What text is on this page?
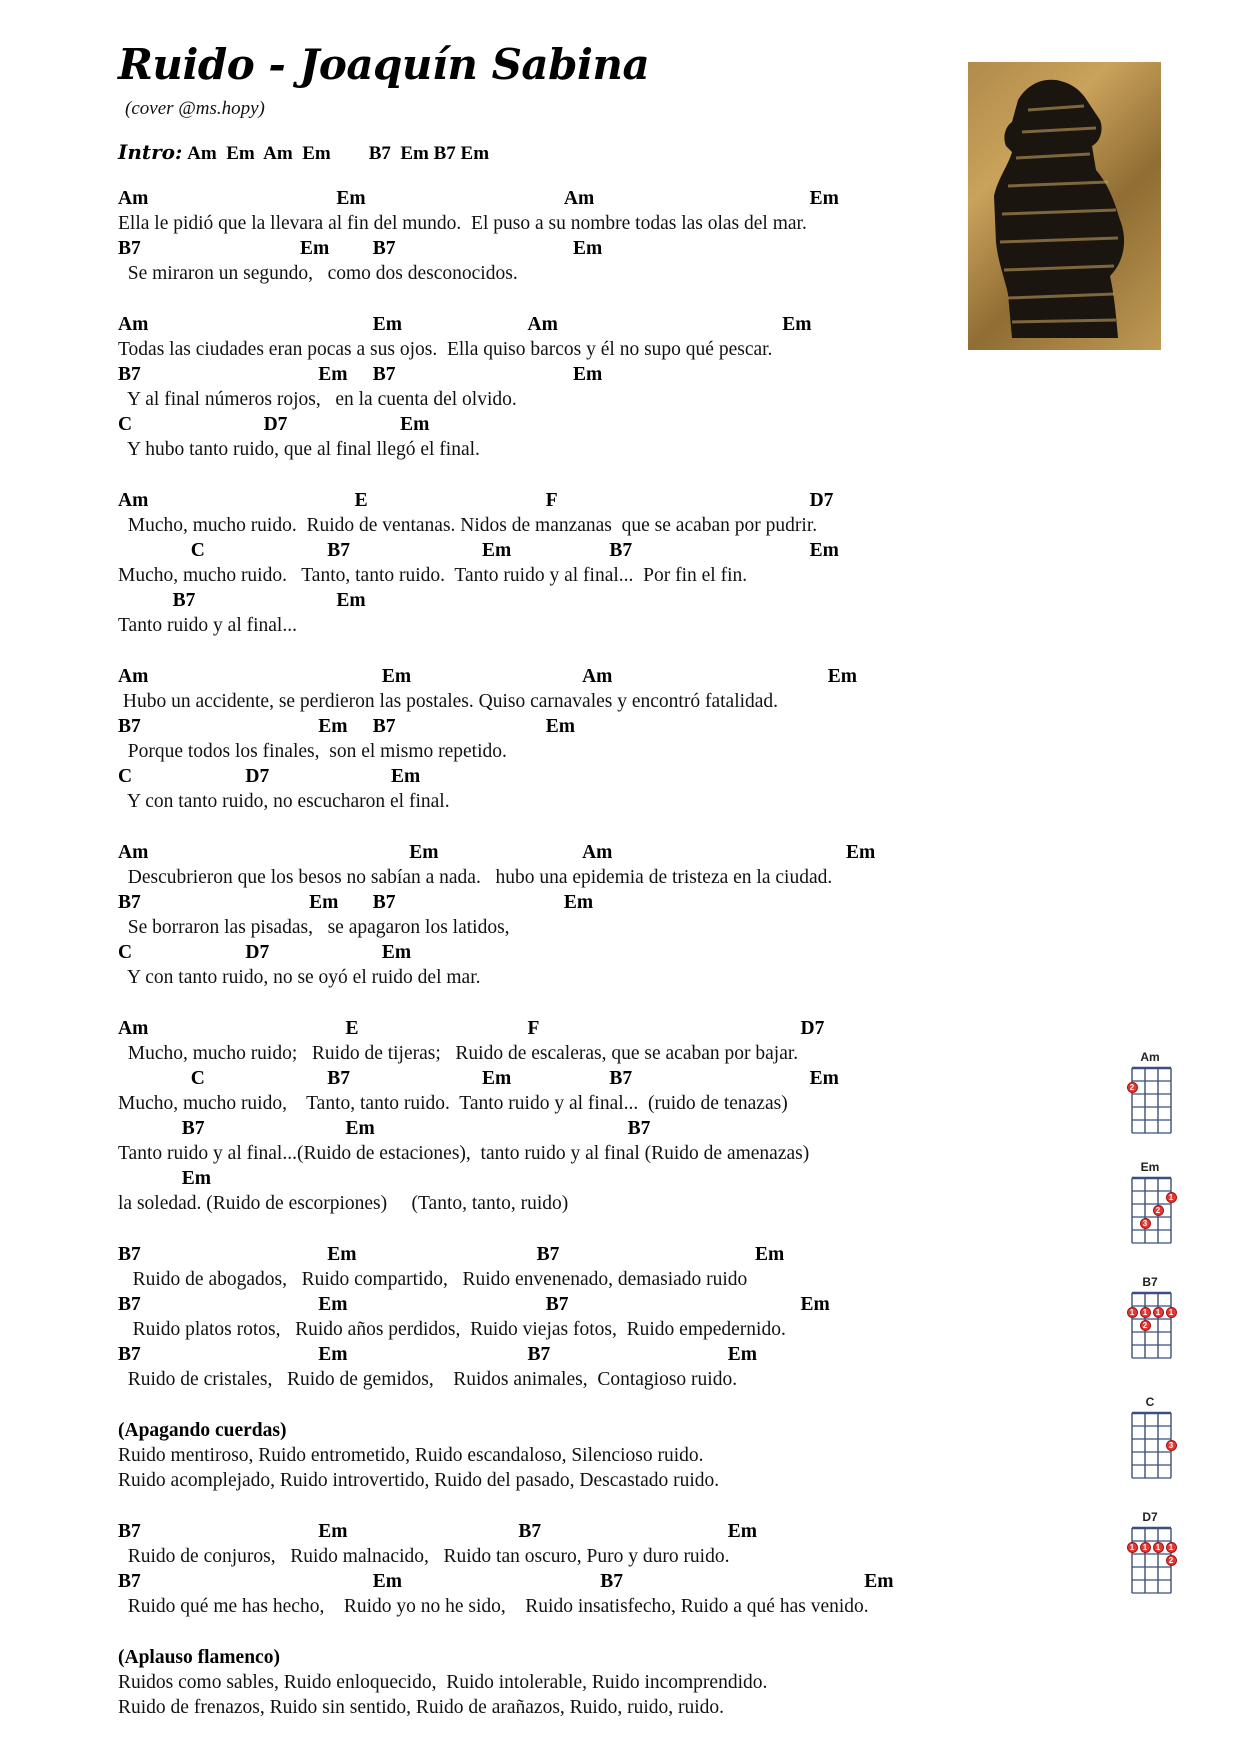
Ruido - Joaquín Sabina
(cover @ms.hopy)
Intro: Am  Em  Am  Em        B7  Em B7 Em
Am	Em	Am	Em
Ella le pidió que la llevara al fin del mundo.  El puso a su nombre todas las olas del mar.
B7	Em B7	Em
Se miraron un segundo,   como dos desconocidos.
Am	Em	Am	Em
Todas las ciudades eran pocas a sus ojos.  Ella quiso barcos y él no supo qué pescar.
B7	Em B7	Em
Y al final números rojos,   en la cuenta del olvido.
C	D7	Em
Y hubo tanto ruido, que al final llegó el final.
Am	E	F	D7
Mucho, mucho ruido.  Ruido de ventanas. Nidos de manzanas  que se acaban por pudrir.
C	B7	Em	B7	Em
Mucho, mucho ruido.   Tanto, tanto ruido.  Tanto ruido y al final...  Por fin el fin.
B7	Em
Tanto ruido y al final...
Am	Em	Am	Em
Hubo un accidente, se perdieron las postales. Quiso carnavales y encontró fatalidad.
B7	Em B7	Em
Porque todos los finales,  son el mismo repetido.
C	D7	Em
Y con tanto ruido, no escucharon el final.
Am	Em	Am	Em
Descubrieron que los besos no sabían a nada.   hubo una epidemia de tristeza en la ciudad.
B7	Em B7	Em
Se borraron las pisadas,   se apagaron los latidos,
C	D7	Em
Y con tanto ruido, no se oyó el ruido del mar.
Am	E	F	D7
Mucho, mucho ruido;   Ruido de tijeras;   Ruido de escaleras, que se acaban por bajar.
C	B7	Em	B7	Em
Mucho, mucho ruido,    Tanto, tanto ruido.  Tanto ruido y al final...  (ruido de tenazas)
B7	Em	B7
Tanto ruido y al final...(Ruido de estaciones),  tanto ruido y al final (Ruido de amenazas)
Em
la soledad. (Ruido de escorpiones)     (Tanto, tanto, ruido)
B7	Em	B7	Em
Ruido de abogados,   Ruido compartido,   Ruido envenenado, demasiado ruido
B7	Em	B7	Em
Ruido platos rotos,   Ruido años perdidos,  Ruido viejas fotos,  Ruido empedernido.
B7	Em	B7	Em
Ruido de cristales,   Ruido de gemidos,    Ruidos animales,  Contagioso ruido.
(Apagando cuerdas)
Ruido mentiroso, Ruido entrometido, Ruido escandaloso, Silencioso ruido.
Ruido acomplejado, Ruido introvertido, Ruido del pasado, Descastado ruido.
B7	Em	B7	Em
Ruido de conjuros,   Ruido malnacido,   Ruido tan oscuro, Puro y duro ruido.
B7	Em	B7	Em
Ruido qué me has hecho,    Ruido yo no he sido,    Ruido insatisfecho, Ruido a qué has venido.
(Aplauso flamenco)
Ruidos como sables, Ruido enloquecido,  Ruido intolerable, Ruido incomprendido.
Ruido de frenazos, Ruido sin sentido, Ruido de arañazos, Ruido, ruido, ruido.
Am
2
Em
1
2
3
B7
1	1	1	1
2
C
3
D7
1	1	1	1
2
